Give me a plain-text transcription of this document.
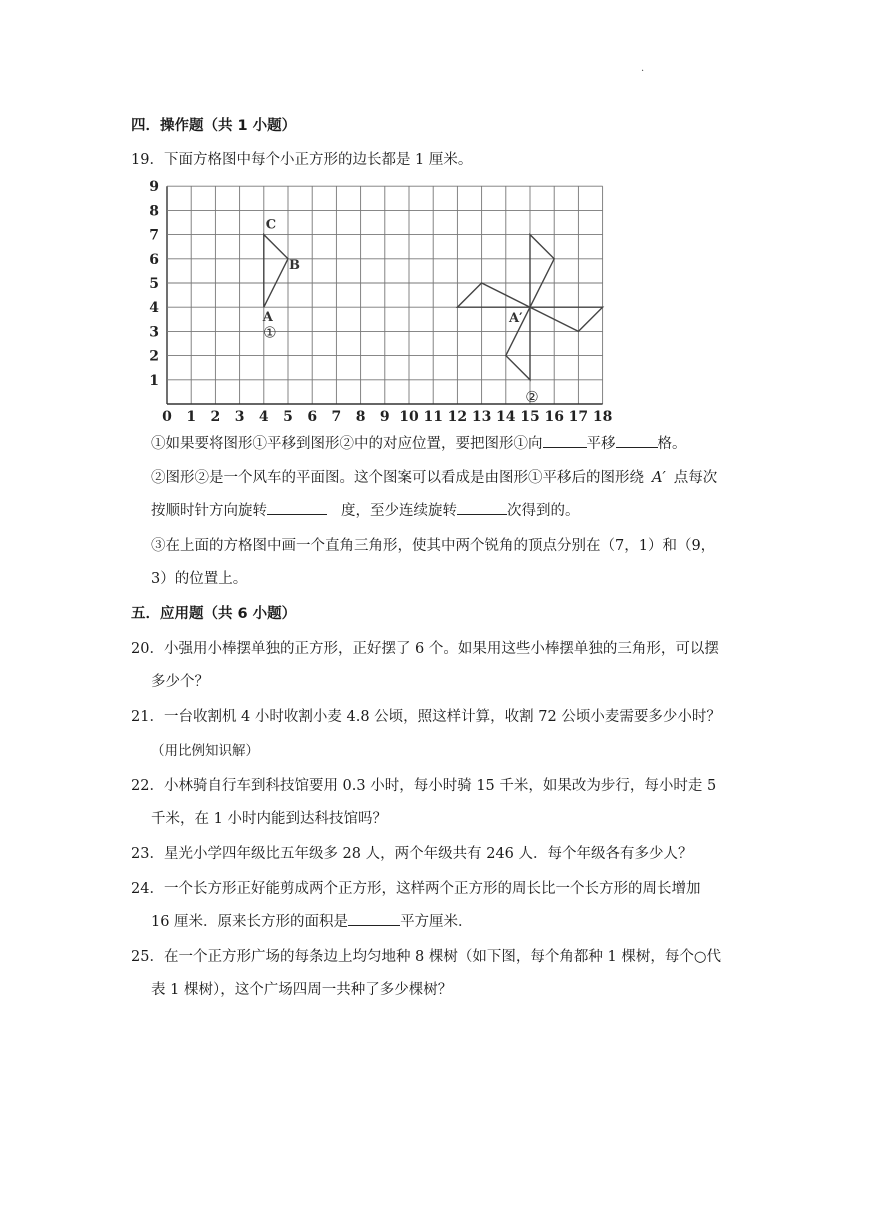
·
四．操作题（共 1 小题）
19．下面方格图中每个小正方形的边长都是 1 厘米。
0 1 2 3 4 5 6 7 8 9 10 11 12 13 14 15 16 17 18
1
2
3
4
5
6
7
8
9
C
B
A	A′
①
②
①如果要将图形①平移到图形②中的对应位置，要把图形①向	平移	格。
②图形②是一个风车的平面图。这个图案可以看成是由图形①平移后的图形绕 A′ 点每次
按顺时针方向旋转	度，至少连续旋转	次得到的。
③在上面的方格图中画一个直角三角形，使其中两个锐角的顶点分别在（7，1）和（9，
3）的位置上。
五．应用题（共 6 小题）
20．小强用小棒摆单独的正方形，正好摆了 6 个。如果用这些小棒摆单独的三角形，可以摆
多少个？
21．一台收割机 4 小时收割小麦 4.8 公顷，照这样计算，收割 72 公顷小麦需要多少小时？
（用比例知识解）
22．小林骑自行车到科技馆要用 0.3 小时，每小时骑 15 千米，如果改为步行，每小时走 5
千米，在 1 小时内能到达科技馆吗？
23．星光小学四年级比五年级多 28 人，两个年级共有 246 人．每个年级各有多少人？
24．一个长方形正好能剪成两个正方形，这样两个正方形的周长比一个长方形的周长增加
16 厘米．原来长方形的面积是	平方厘米．
25．在一个正方形广场的每条边上均匀地种 8 棵树（如下图，每个角都种 1 棵树，每个○代
表 1 棵树），这个广场四周一共种了多少棵树？
